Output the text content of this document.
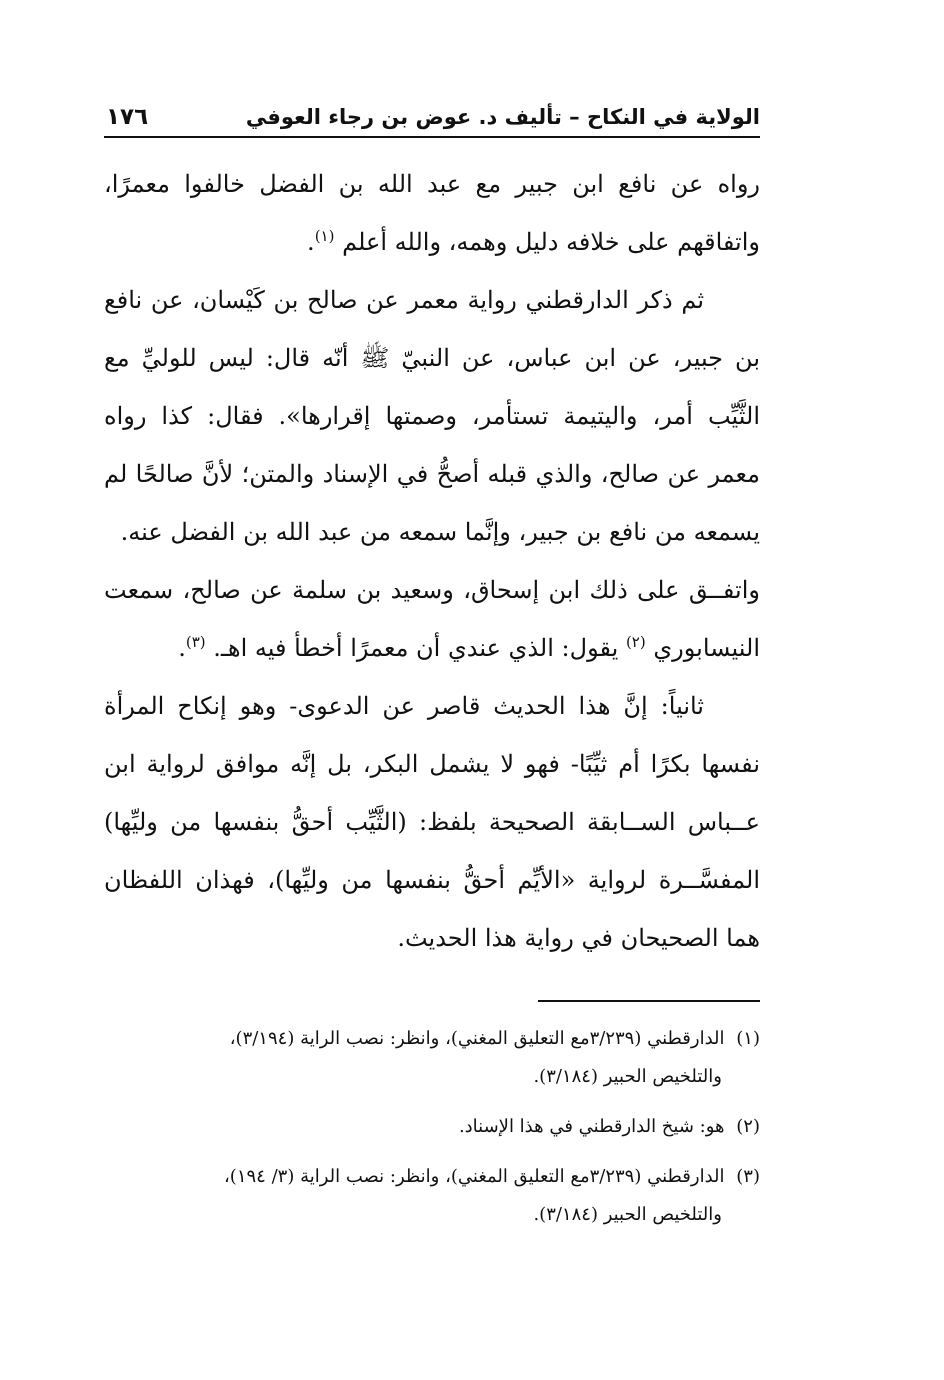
الولاية في النكاح – تأليف د. عوض بن رجاء العوفي
١٧٦

رواه عن نافع ابن جبير مع عبد الله بن الفضل خالفوا معمرًا، واتفاقهم على خلافه دليل وهمه، والله أعلم $^{(١)}$.

ثم ذكر الدارقطني رواية معمر عن صالح بن كَيْسان، عن نافع بن جبير، عن ابن عباس، عن النبيّ ﷺ أنّه قال: ليس للوليِّ مع الثَّيِّب أمر، واليتيمة تستأمر، وصمتها إقرارها». فقال: كذا رواه معمر عن صالح، والذي قبله أصحُّ في الإسناد والمتن؛ لأنَّ صالحًا لم يسمعه من نافع بن جبير، وإنَّما سمعه من عبد الله بن الفضل عنه.

واتفــق على ذلك ابن إسحاق، وسعيد بن سلمة عن صالح، سمعت النيسابوري $^{(٢)}$ يقول: الذي عندي أن معمرًا أخطأ فيه اهـ. $^{(٣)}$.

ثانياً: إنَّ هذا الحديث قاصر عن الدعوى- وهو إنكاح المرأة نفسها بكرًا أم ثيِّبًا- فهو لا يشمل البكر، بل إنَّه موافق لرواية ابن عــباس الســابقة الصحيحة بلفظ: (الثَّيِّب أحقُّ بنفسها من وليِّها) المفسَّــرة لرواية «الأيِّم أحقُّ بنفسها من وليِّها)، فهذان اللفظان هما الصحيحان في رواية هذا الحديث.

(١) الدارقطني (٣/٢٣٩مع التعليق المغني)، وانظر: نصب الراية (٣/١٩٤)،
والتلخيص الحبير (٣/١٨٤).
(٢) هو: شيخ الدارقطني في هذا الإسناد.
(٣) الدارقطني (٣/٢٣٩مع التعليق المغني)، وانظر: نصب الراية (٣/ ١٩٤)،
والتلخيص الحبير (٣/١٨٤).
